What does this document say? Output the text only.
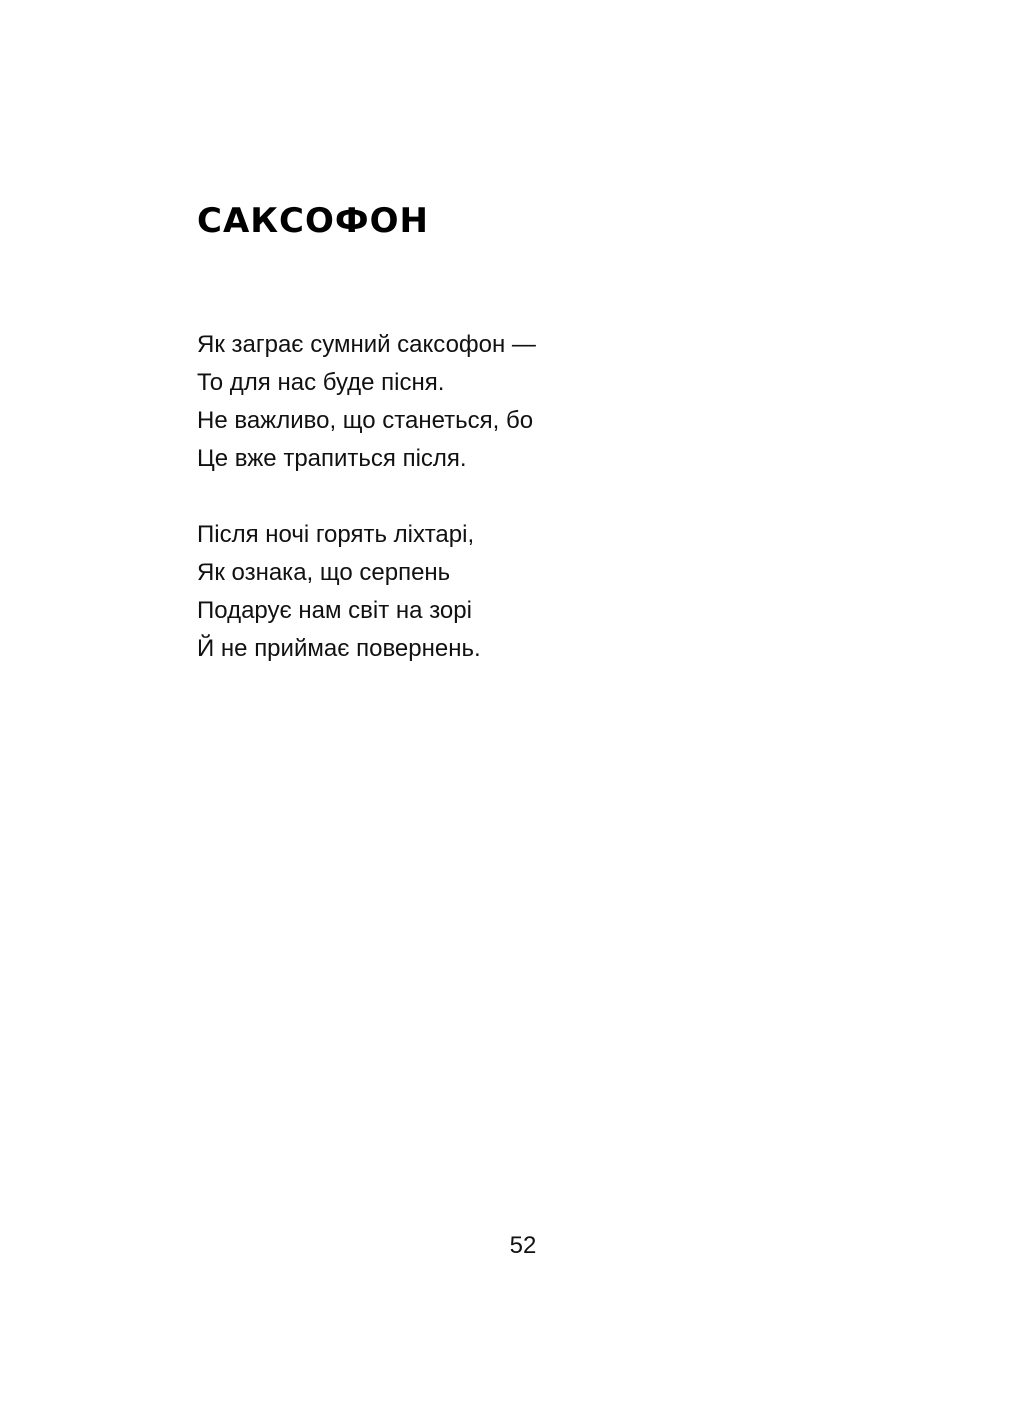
САКСОФОН
Як заграє сумний саксофон —
То для нас буде пісня.
Не важливо, що станеться, бо
Це вже трапиться після.
Після ночі горять ліхтарі,
Як ознака, що серпень
Подарує нам світ на зорі
Й не приймає повернень.
52
